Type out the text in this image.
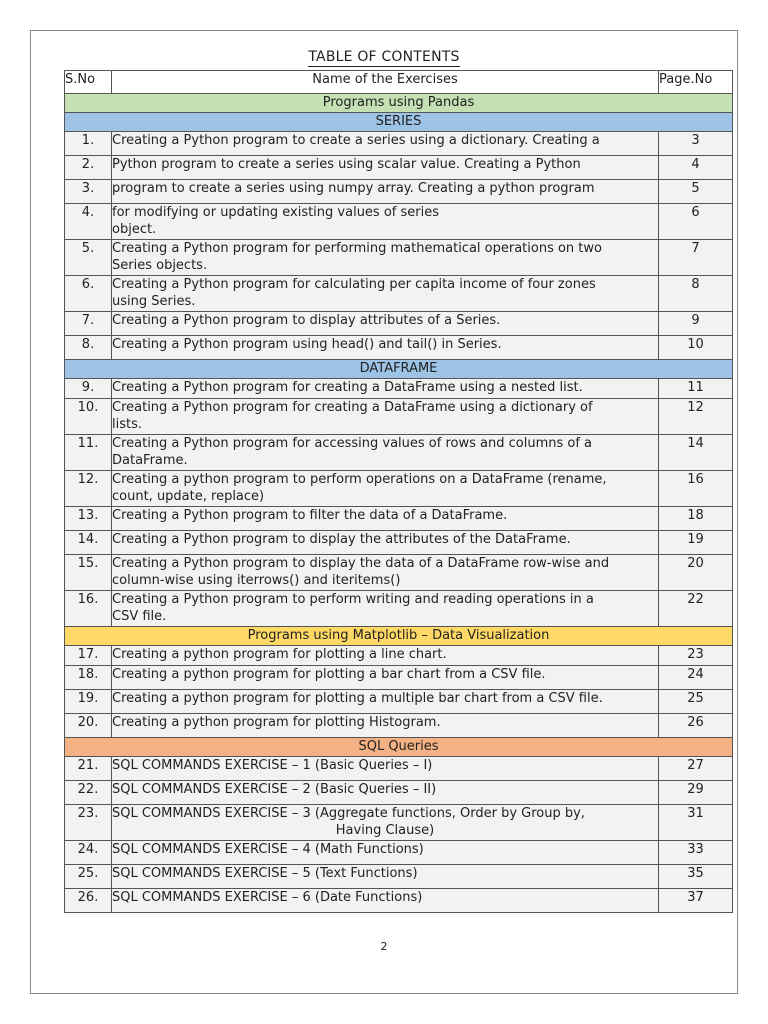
TABLE OF CONTENTS
S.No	Name of the Exercises	Page.No
Programs using Pandas		
SERIES		
1.	Creating a Python program to create a series using a dictionary. Creating a	3
2.	Python program to create a series using scalar value. Creating a Python	4
3.	program to create a series using numpy array. Creating a python program	5
4.	for modifying or updating existing values of series
object.	6
5.	Creating a Python program for performing mathematical operations on two
Series objects.	7
6.	Creating a Python program for calculating per capita income of four zones
using Series.	8
7.	Creating a Python program to display attributes of a Series.	9
8.	Creating a Python program using head() and tail() in Series.	10
DATAFRAME		
9.	Creating a Python program for creating a DataFrame using a nested list.	11
10.	Creating a Python program for creating a DataFrame using a dictionary of
lists.	12
11.	Creating a Python program for accessing values of rows and columns of a
DataFrame.	14
12.	Creating a python program to perform operations on a DataFrame (rename,
count, update, replace)	16
13.	Creating a Python program to filter the data of a DataFrame.	18
14.	Creating a Python program to display the attributes of the DataFrame.	19
15.	Creating a Python program to display the data of a DataFrame row-wise and
column-wise using iterrows() and iteritems()	20
16.	Creating a Python program to perform writing and reading operations in a
CSV file.	22
Programs using Matplotlib – Data Visualization		
17.	Creating a python program for plotting a line chart.	23
18.	Creating a python program for plotting a bar chart from a CSV file.	24
19.	Creating a python program for plotting a multiple bar chart from a CSV file.	25
20.	Creating a python program for plotting Histogram.	26
SQL Queries		
21.	SQL COMMANDS EXERCISE – 1 (Basic Queries – I)	27
22.	SQL COMMANDS EXERCISE – 2 (Basic Queries – II)	29
23.	SQL COMMANDS EXERCISE – 3 (Aggregate functions, Order by Group by,
Having Clause)	31
24.	SQL COMMANDS EXERCISE – 4 (Math Functions)	33
25.	SQL COMMANDS EXERCISE – 5 (Text Functions)	35
26.	SQL COMMANDS EXERCISE – 6 (Date Functions)	37
2
